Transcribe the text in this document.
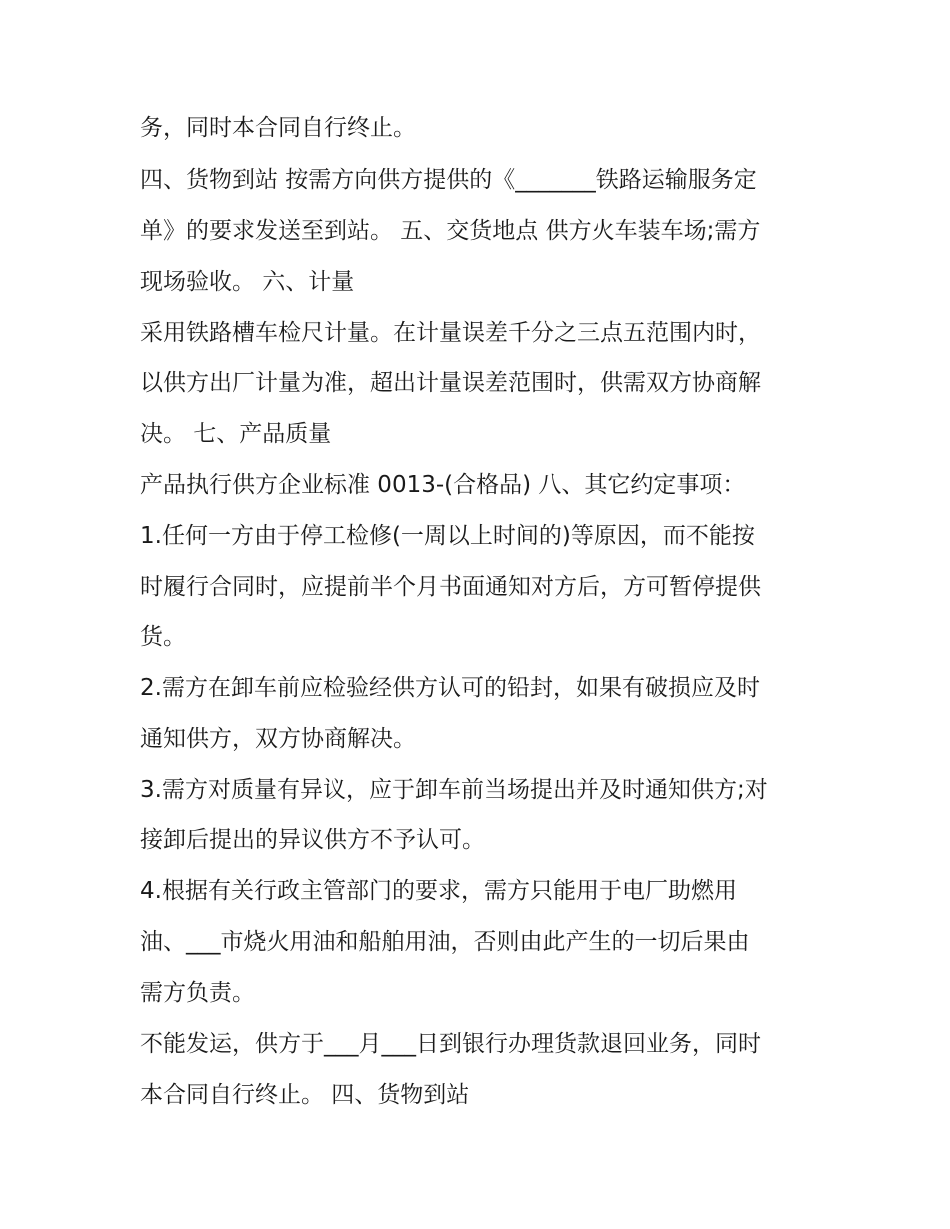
务，同时本合同自行终止。
四、货物到站 按需方向供方提供的《_______铁路运输服务定
单》的要求发送至到站。 五、交货地点 供方火车装车场;需方
现场验收。 六、计量
采用铁路槽车检尺计量。在计量误差千分之三点五范围内时，
以供方出厂计量为准，超出计量误差范围时，供需双方协商解
决。 七、产品质量
产品执行供方企业标准 0013-(合格品) 八、其它约定事项：
1.任何一方由于停工检修(一周以上时间的)等原因，而不能按
时履行合同时，应提前半个月书面通知对方后，方可暂停提供
货。
2.需方在卸车前应检验经供方认可的铅封，如果有破损应及时
通知供方，双方协商解决。
3.需方对质量有异议，应于卸车前当场提出并及时通知供方;对
接卸后提出的异议供方不予认可。
4.根据有关行政主管部门的要求，需方只能用于电厂助燃用
油、___市烧火用油和船舶用油，否则由此产生的一切后果由
需方负责。
不能发运，供方于___月___日到银行办理货款退回业务，同时
本合同自行终止。 四、货物到站
